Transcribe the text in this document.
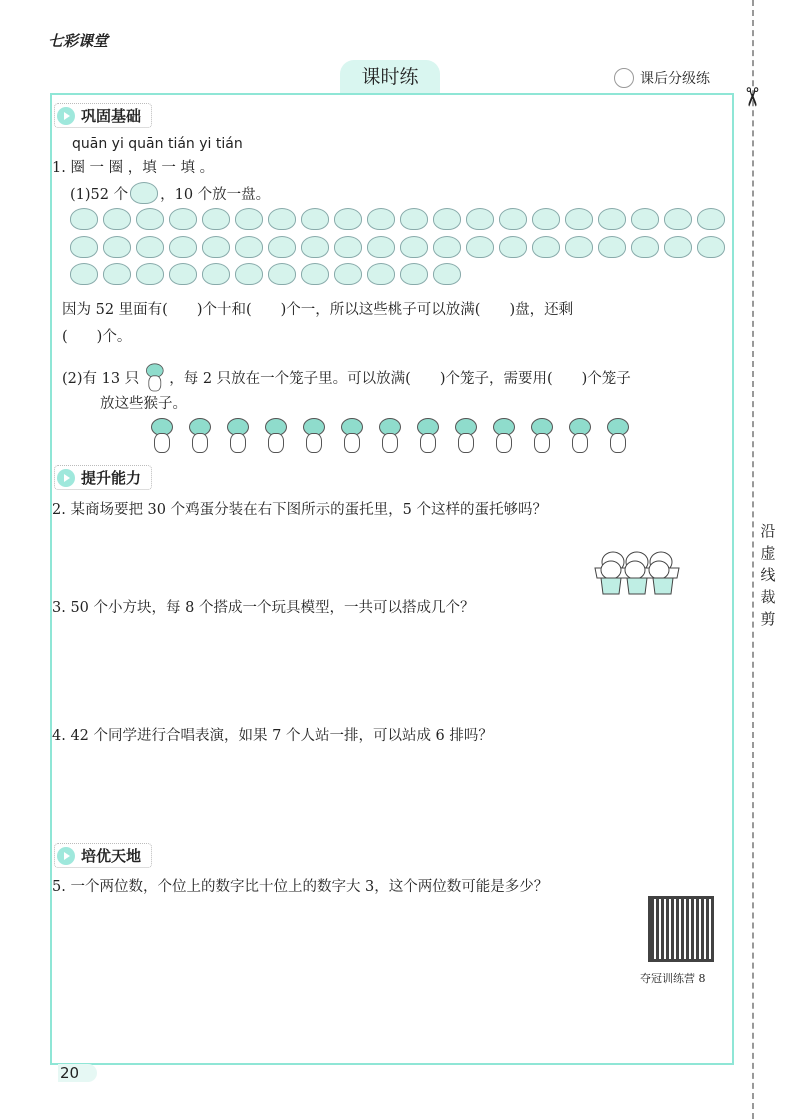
七彩课堂
课时练	课后分级练
✂
沿虚线裁剪
巩固基础
quān yi quān tián yi tián
1. 圈 一 圈 ，填 一 填 。
(1)52 个 ，10 个放一盘。
因为 52 里面有(　　)个十和(　　)个一，所以这些桃子可以放满(　　)盘，还剩
(　　)个。
(2)有 13 只 ，每 2 只放在一个笼子里。可以放满(　　)个笼子，需要用(　　)个笼子
放这些猴子。
提升能力
2. 某商场要把 30 个鸡蛋分装在右下图所示的蛋托里，5 个这样的蛋托够吗？
3. 50 个小方块，每 8 个搭成一个玩具模型，一共可以搭成几个？
4. 42 个同学进行合唱表演，如果 7 个人站一排，可以站成 6 排吗？
培优天地
5. 一个两位数，个位上的数字比十位上的数字大 3，这个两位数可能是多少？
夺冠训练营 8
20
